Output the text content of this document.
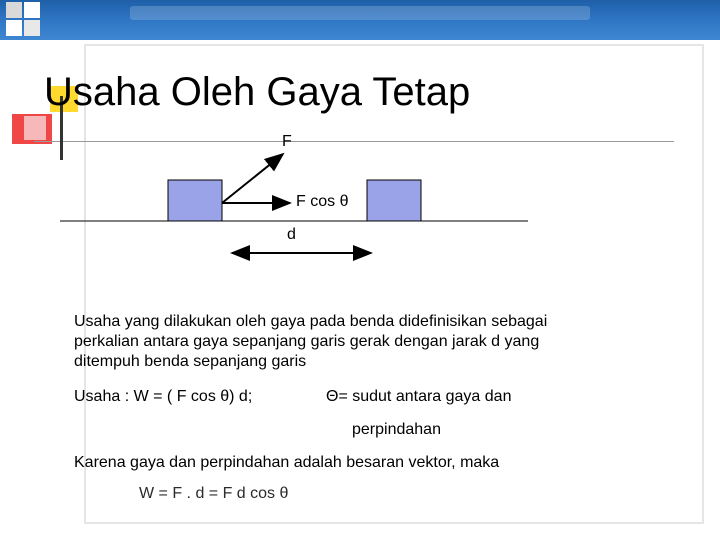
Usaha Oleh Gaya Tetap
F
F cos θ
d
Usaha yang dilakukan oleh gaya pada benda didefinisikan sebagai perkalian antara gaya sepanjang garis gerak dengan jarak d yang ditempuh benda sepanjang garis
Usaha : W = ( F cos θ) d;	Θ= sudut antara gaya dan
perpindahan
Karena gaya dan perpindahan adalah besaran vektor, maka
W = F . d = F d cos θ
